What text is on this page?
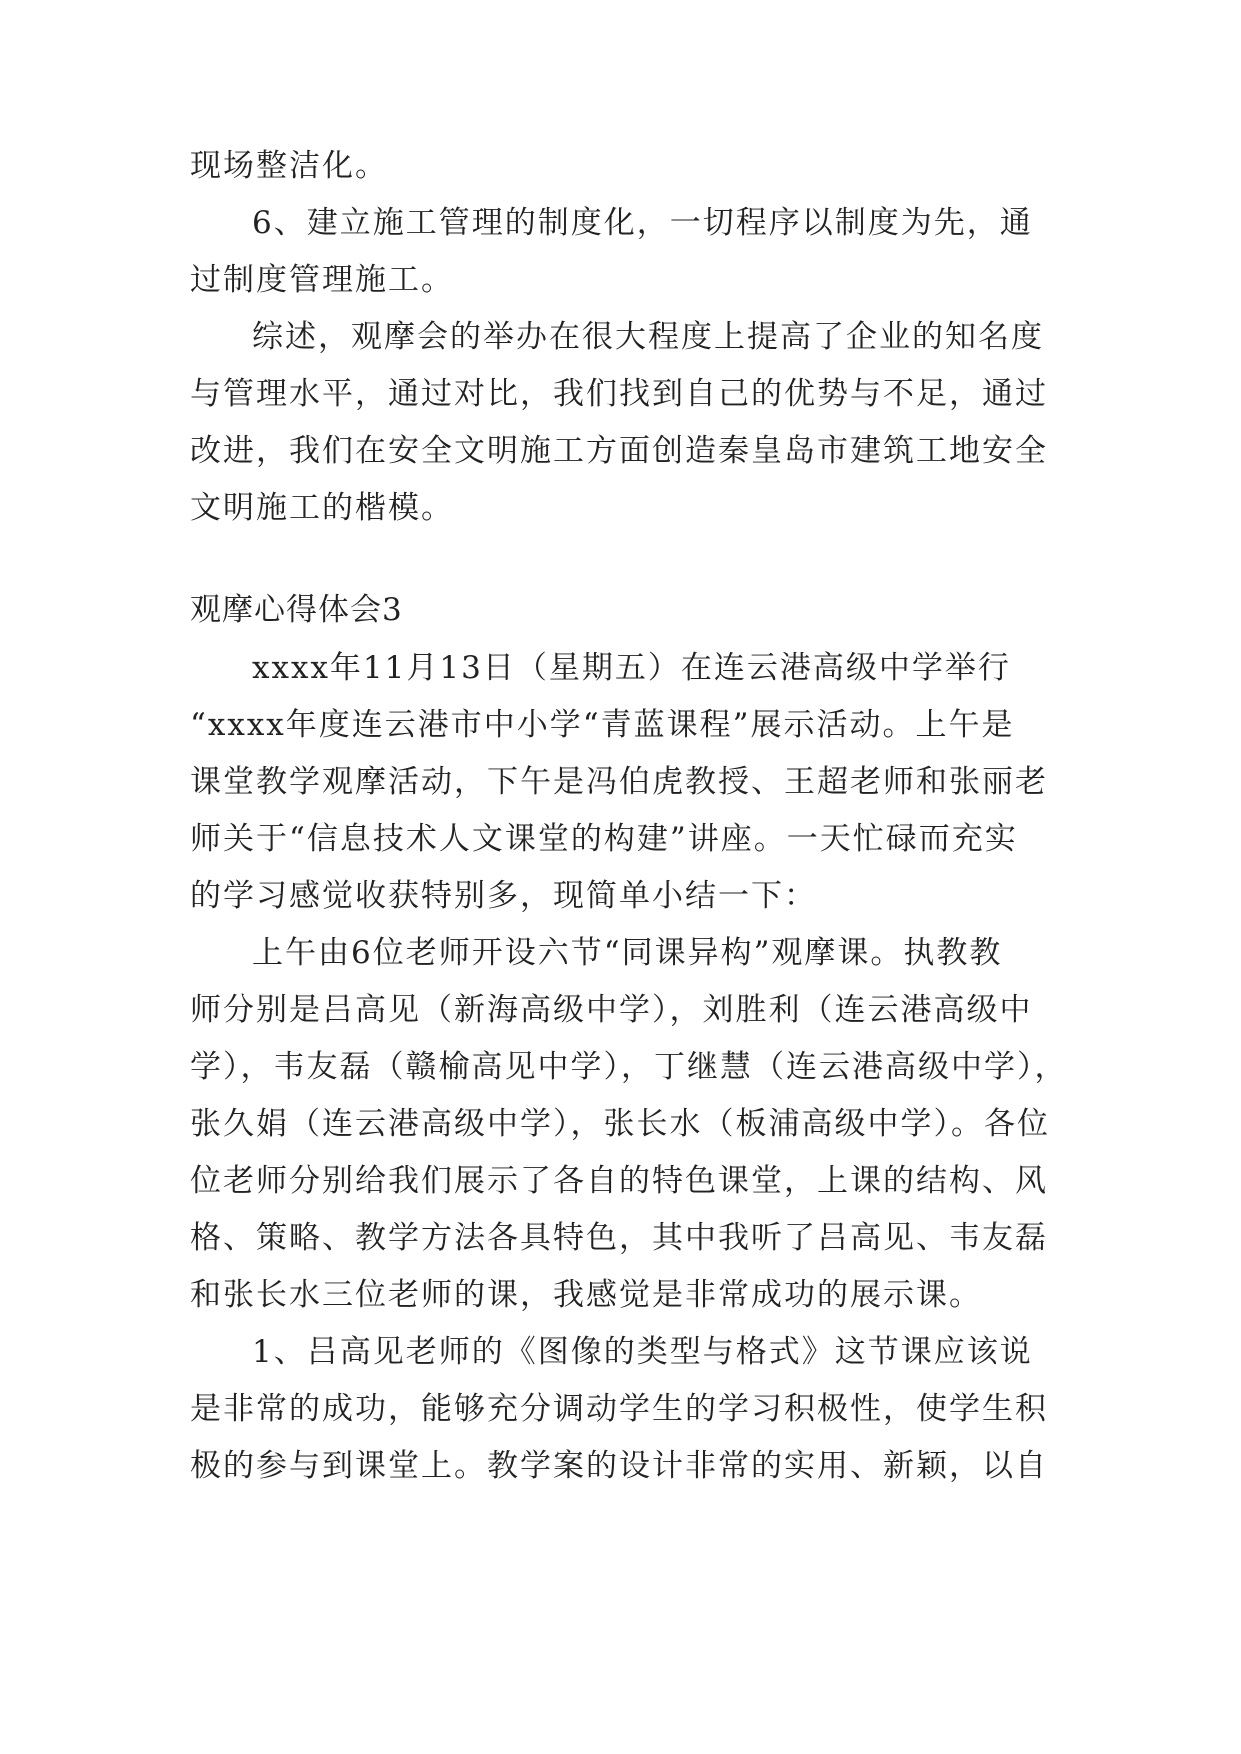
现场整洁化。
6、建立施工管理的制度化，一切程序以制度为先，通
过制度管理施工。
综述，观摩会的举办在很大程度上提高了企业的知名度
与管理水平，通过对比，我们找到自己的优势与不足，通过
改进，我们在安全文明施工方面创造秦皇岛市建筑工地安全
文明施工的楷模。
观摩心得体会3
xxxx年11月13日（星期五）在连云港高级中学举行
“xxxx年度连云港市中小学“青蓝课程”展示活动。上午是
课堂教学观摩活动，下午是冯伯虎教授、王超老师和张丽老
师关于“信息技术人文课堂的构建”讲座。一天忙碌而充实
的学习感觉收获特别多，现简单小结一下：
上午由6位老师开设六节“同课异构”观摩课。执教教
师分别是吕高见（新海高级中学），刘胜利（连云港高级中
学），韦友磊（赣榆高见中学），丁继慧（连云港高级中学），
张久娟（连云港高级中学），张长水（板浦高级中学）。各位
位老师分别给我们展示了各自的特色课堂，上课的结构、风
格、策略、教学方法各具特色，其中我听了吕高见、韦友磊
和张长水三位老师的课，我感觉是非常成功的展示课。
1、吕高见老师的《图像的类型与格式》这节课应该说
是非常的成功，能够充分调动学生的学习积极性，使学生积
极的参与到课堂上。教学案的设计非常的实用、新颖，以自
